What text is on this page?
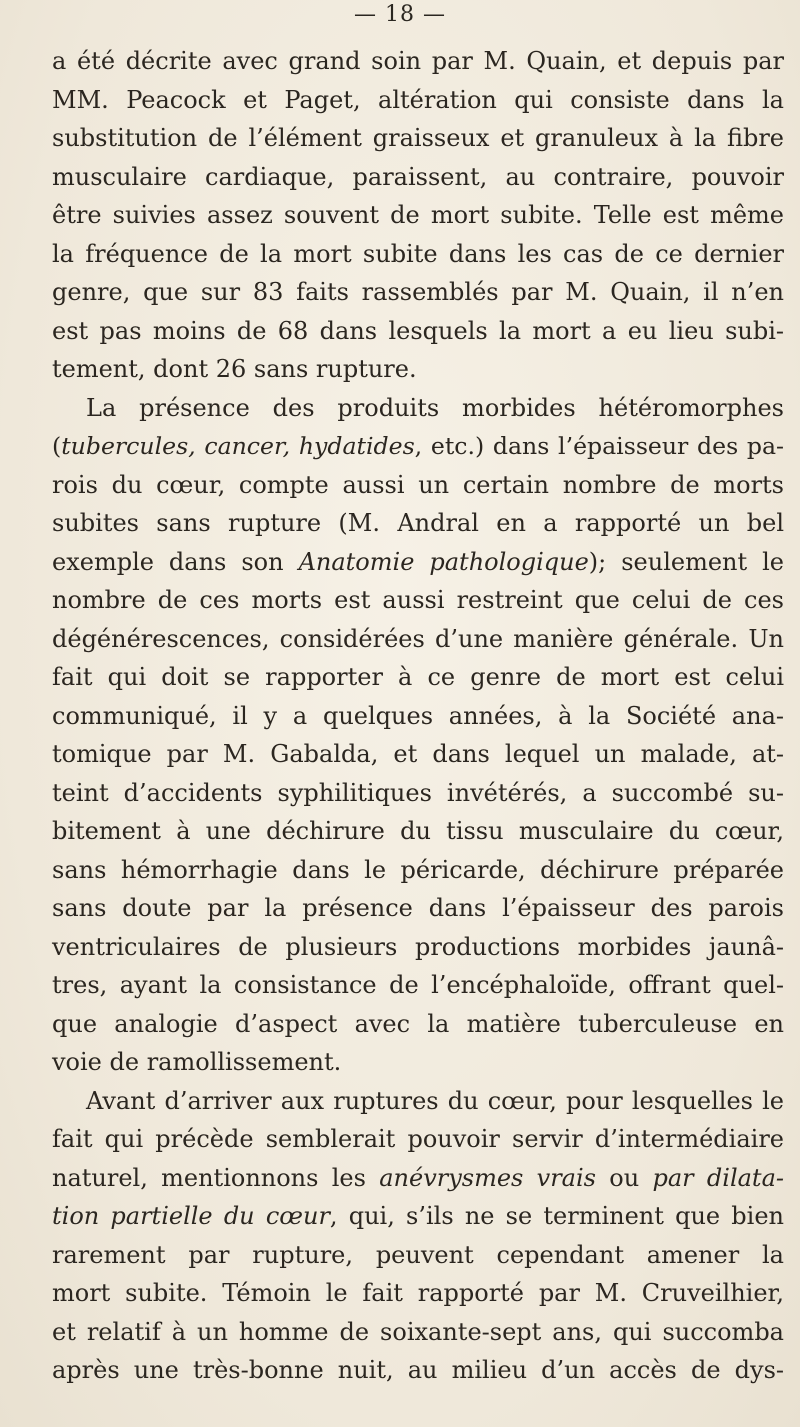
— 18 —
a été décrite avec grand soin par M. Quain, et depuis par
MM. Peacock et Paget, altération qui consiste dans la
substitution de l’élément graisseux et granuleux à la fibre
musculaire cardiaque, paraissent, au contraire, pouvoir
être suivies assez souvent de mort subite. Telle est même
la fréquence de la mort subite dans les cas de ce dernier
genre, que sur 83 faits rassemblés par M. Quain, il n’en
est pas moins de 68 dans lesquels la mort a eu lieu subi-
tement, dont 26 sans rupture.
La présence des produits morbides hétéromorphes
(tubercules, cancer, hydatides, etc.) dans l’épaisseur des pa-
rois du cœur, compte aussi un certain nombre de morts
subites sans rupture (M. Andral en a rapporté un bel
exemple dans son Anatomie pathologique); seulement le
nombre de ces morts est aussi restreint que celui de ces
dégénérescences, considérées d’une manière générale. Un
fait qui doit se rapporter à ce genre de mort est celui
communiqué, il y a quelques années, à la Société ana-
tomique par M. Gabalda, et dans lequel un malade, at-
teint d’accidents syphilitiques invétérés, a succombé su-
bitement à une déchirure du tissu musculaire du cœur,
sans hémorrhagie dans le péricarde, déchirure préparée
sans doute par la présence dans l’épaisseur des parois
ventriculaires de plusieurs productions morbides jaunâ-
tres, ayant la consistance de l’encéphaloïde, offrant quel-
que analogie d’aspect avec la matière tuberculeuse en
voie de ramollissement.
Avant d’arriver aux ruptures du cœur, pour lesquelles le
fait qui précède semblerait pouvoir servir d’intermédiaire
naturel, mentionnons les anévrysmes vrais ou par dilata-
tion partielle du cœur, qui, s’ils ne se terminent que bien
rarement par rupture, peuvent cependant amener la
mort subite. Témoin le fait rapporté par M. Cruveilhier,
et relatif à un homme de soixante-sept ans, qui succomba
après une très-bonne nuit, au milieu d’un accès de dys-
